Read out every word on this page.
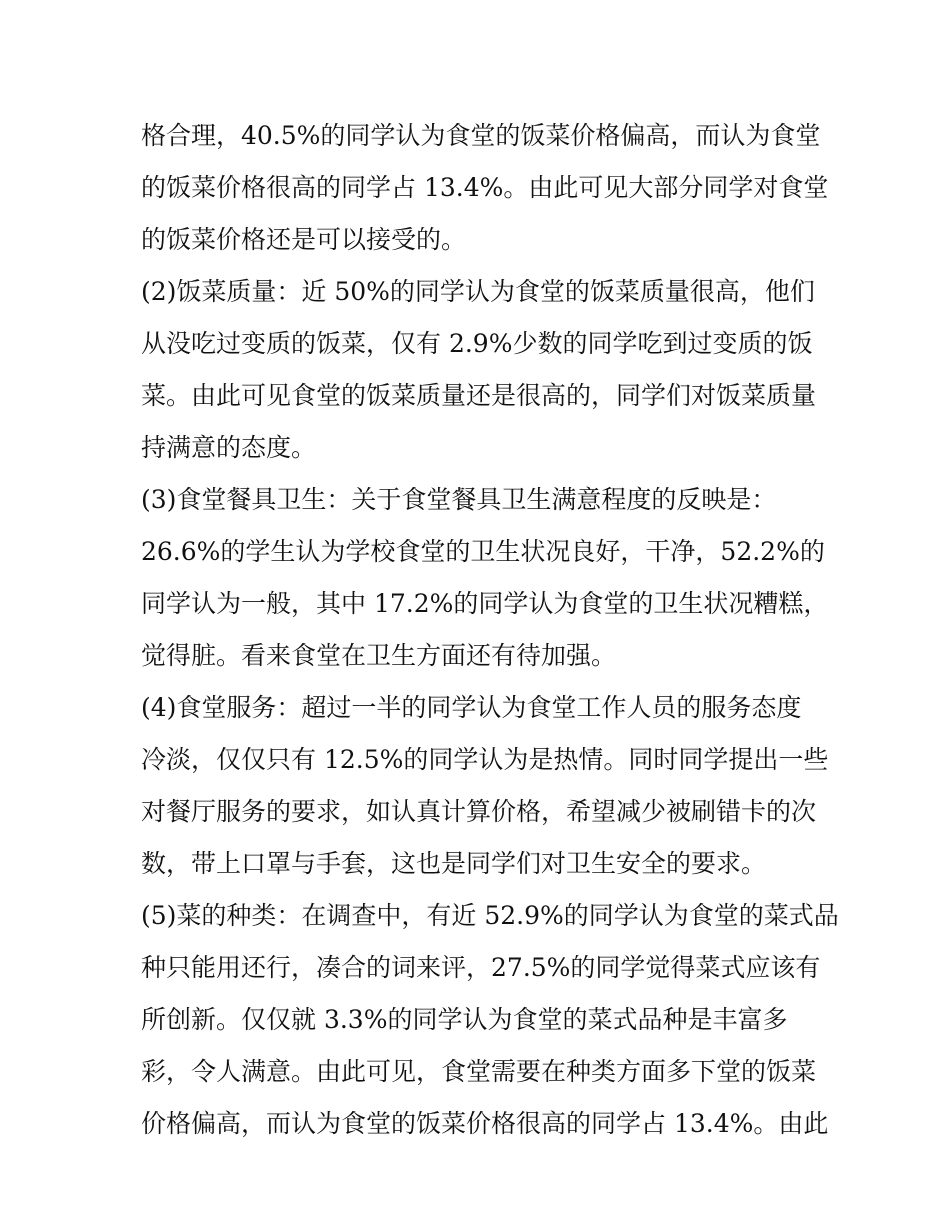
格合理，40.5%的同学认为食堂的饭菜价格偏高，而认为食堂
的饭菜价格很高的同学占 13.4%。由此可见大部分同学对食堂
的饭菜价格还是可以接受的。
(2)饭菜质量：近 50%的同学认为食堂的饭菜质量很高，他们
从没吃过变质的饭菜，仅有 2.9%少数的同学吃到过变质的饭
菜。由此可见食堂的饭菜质量还是很高的，同学们对饭菜质量
持满意的态度。
(3)食堂餐具卫生：关于食堂餐具卫生满意程度的反映是：
26.6%的学生认为学校食堂的卫生状况良好，干净，52.2%的
同学认为一般，其中 17.2%的同学认为食堂的卫生状况糟糕，
觉得脏。看来食堂在卫生方面还有待加强。
(4)食堂服务：超过一半的同学认为食堂工作人员的服务态度
冷淡，仅仅只有 12.5%的同学认为是热情。同时同学提出一些
对餐厅服务的要求，如认真计算价格，希望减少被刷错卡的次
数，带上口罩与手套，这也是同学们对卫生安全的要求。
(5)菜的种类：在调查中，有近 52.9%的同学认为食堂的菜式品
种只能用还行，凑合的词来评，27.5%的同学觉得菜式应该有
所创新。仅仅就 3.3%的同学认为食堂的菜式品种是丰富多
彩，令人满意。由此可见，食堂需要在种类方面多下堂的饭菜
价格偏高，而认为食堂的饭菜价格很高的同学占 13.4%。由此
